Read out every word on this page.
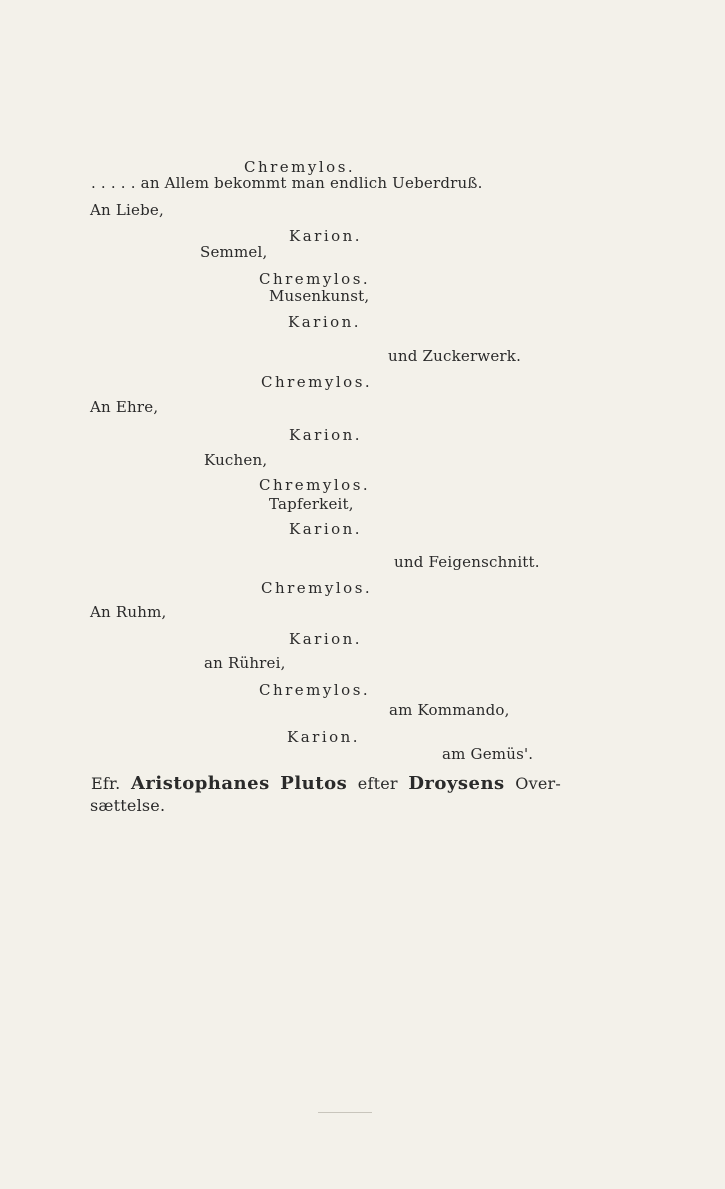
Chremylos.
. . . . . an Allem bekommt man endlich Ueberdruß.
An Liebe,
Karion.
Semmel,
Chremylos.
Musenkunst,
Karion.
und Zuckerwerk.
Chremylos.
An Ehre,
Karion.
Kuchen,
Chremylos.
Tapferkeit,
Karion.
und Feigenschnitt.
Chremylos.
An Ruhm,
Karion.
an Rührei,
Chremylos.
am Kommando,
Karion.
am Gemüs'.
Efr. Aristophanes Plutos efter Droysens Over-
sættelse.
